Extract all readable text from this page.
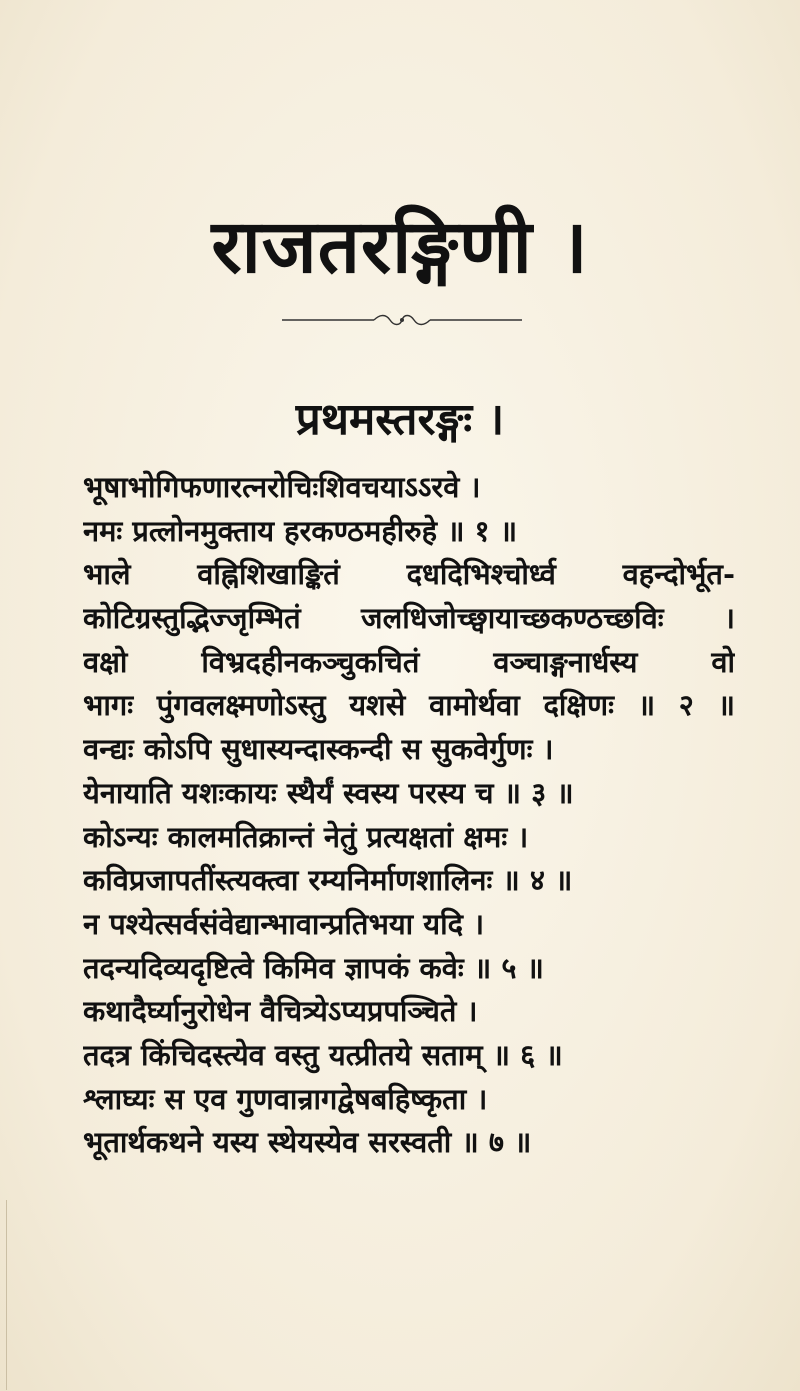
राजतरङ्गिणी ।
प्रथमस्तरङ्गः ।
भूषाभोगिफणारत्नरोचिःशिवचयाऽऽरवे ।
नमः प्रत्लोनमुक्ताय हरकण्ठमहीरुहे ॥ १ ॥
भाले वह्निशिखाङ्कितं दधदिभिश्चोर्ध्व वहन्दोर्भूत-
कोटिग्रस्तुद्भिज्जृम्भितं जलधिजोच्छ्वायाच्छकण्ठच्छविः ।
वक्षो विभ्रदहीनकञ्चुकचितं वञ्चाङ्गनार्धस्य वो
भागः पुंगवलक्ष्मणोऽस्तु यशसे वामोर्थवा दक्षिणः ॥ २ ॥
वन्द्यः कोऽपि सुधास्यन्दास्कन्दी स सुकवेर्गुणः ।
येनायाति यशःकायः स्थैर्यं स्वस्य परस्य च ॥ ३ ॥
कोऽन्यः कालमतिक्रान्तं नेतुं प्रत्यक्षतां क्षमः ।
कविप्रजापतींस्त्यक्त्वा रम्यनिर्माणशालिनः ॥ ४ ॥
न पश्येत्सर्वसंवेद्यान्भावान्प्रतिभया यदि ।
तदन्यदिव्यदृष्टित्वे किमिव ज्ञापकं कवेः ॥ ५ ॥
कथादैर्घ्यानुरोधेन वैचित्र्येऽप्यप्रपञ्चिते ।
तदत्र किंचिदस्त्येव वस्तु यत्प्रीतये सताम् ॥ ६ ॥
श्लाघ्यः स एव गुणवान्रागद्वेषबहिष्कृता ।
भूतार्थकथने यस्य स्थेयस्येव सरस्वती ॥ ७ ॥
